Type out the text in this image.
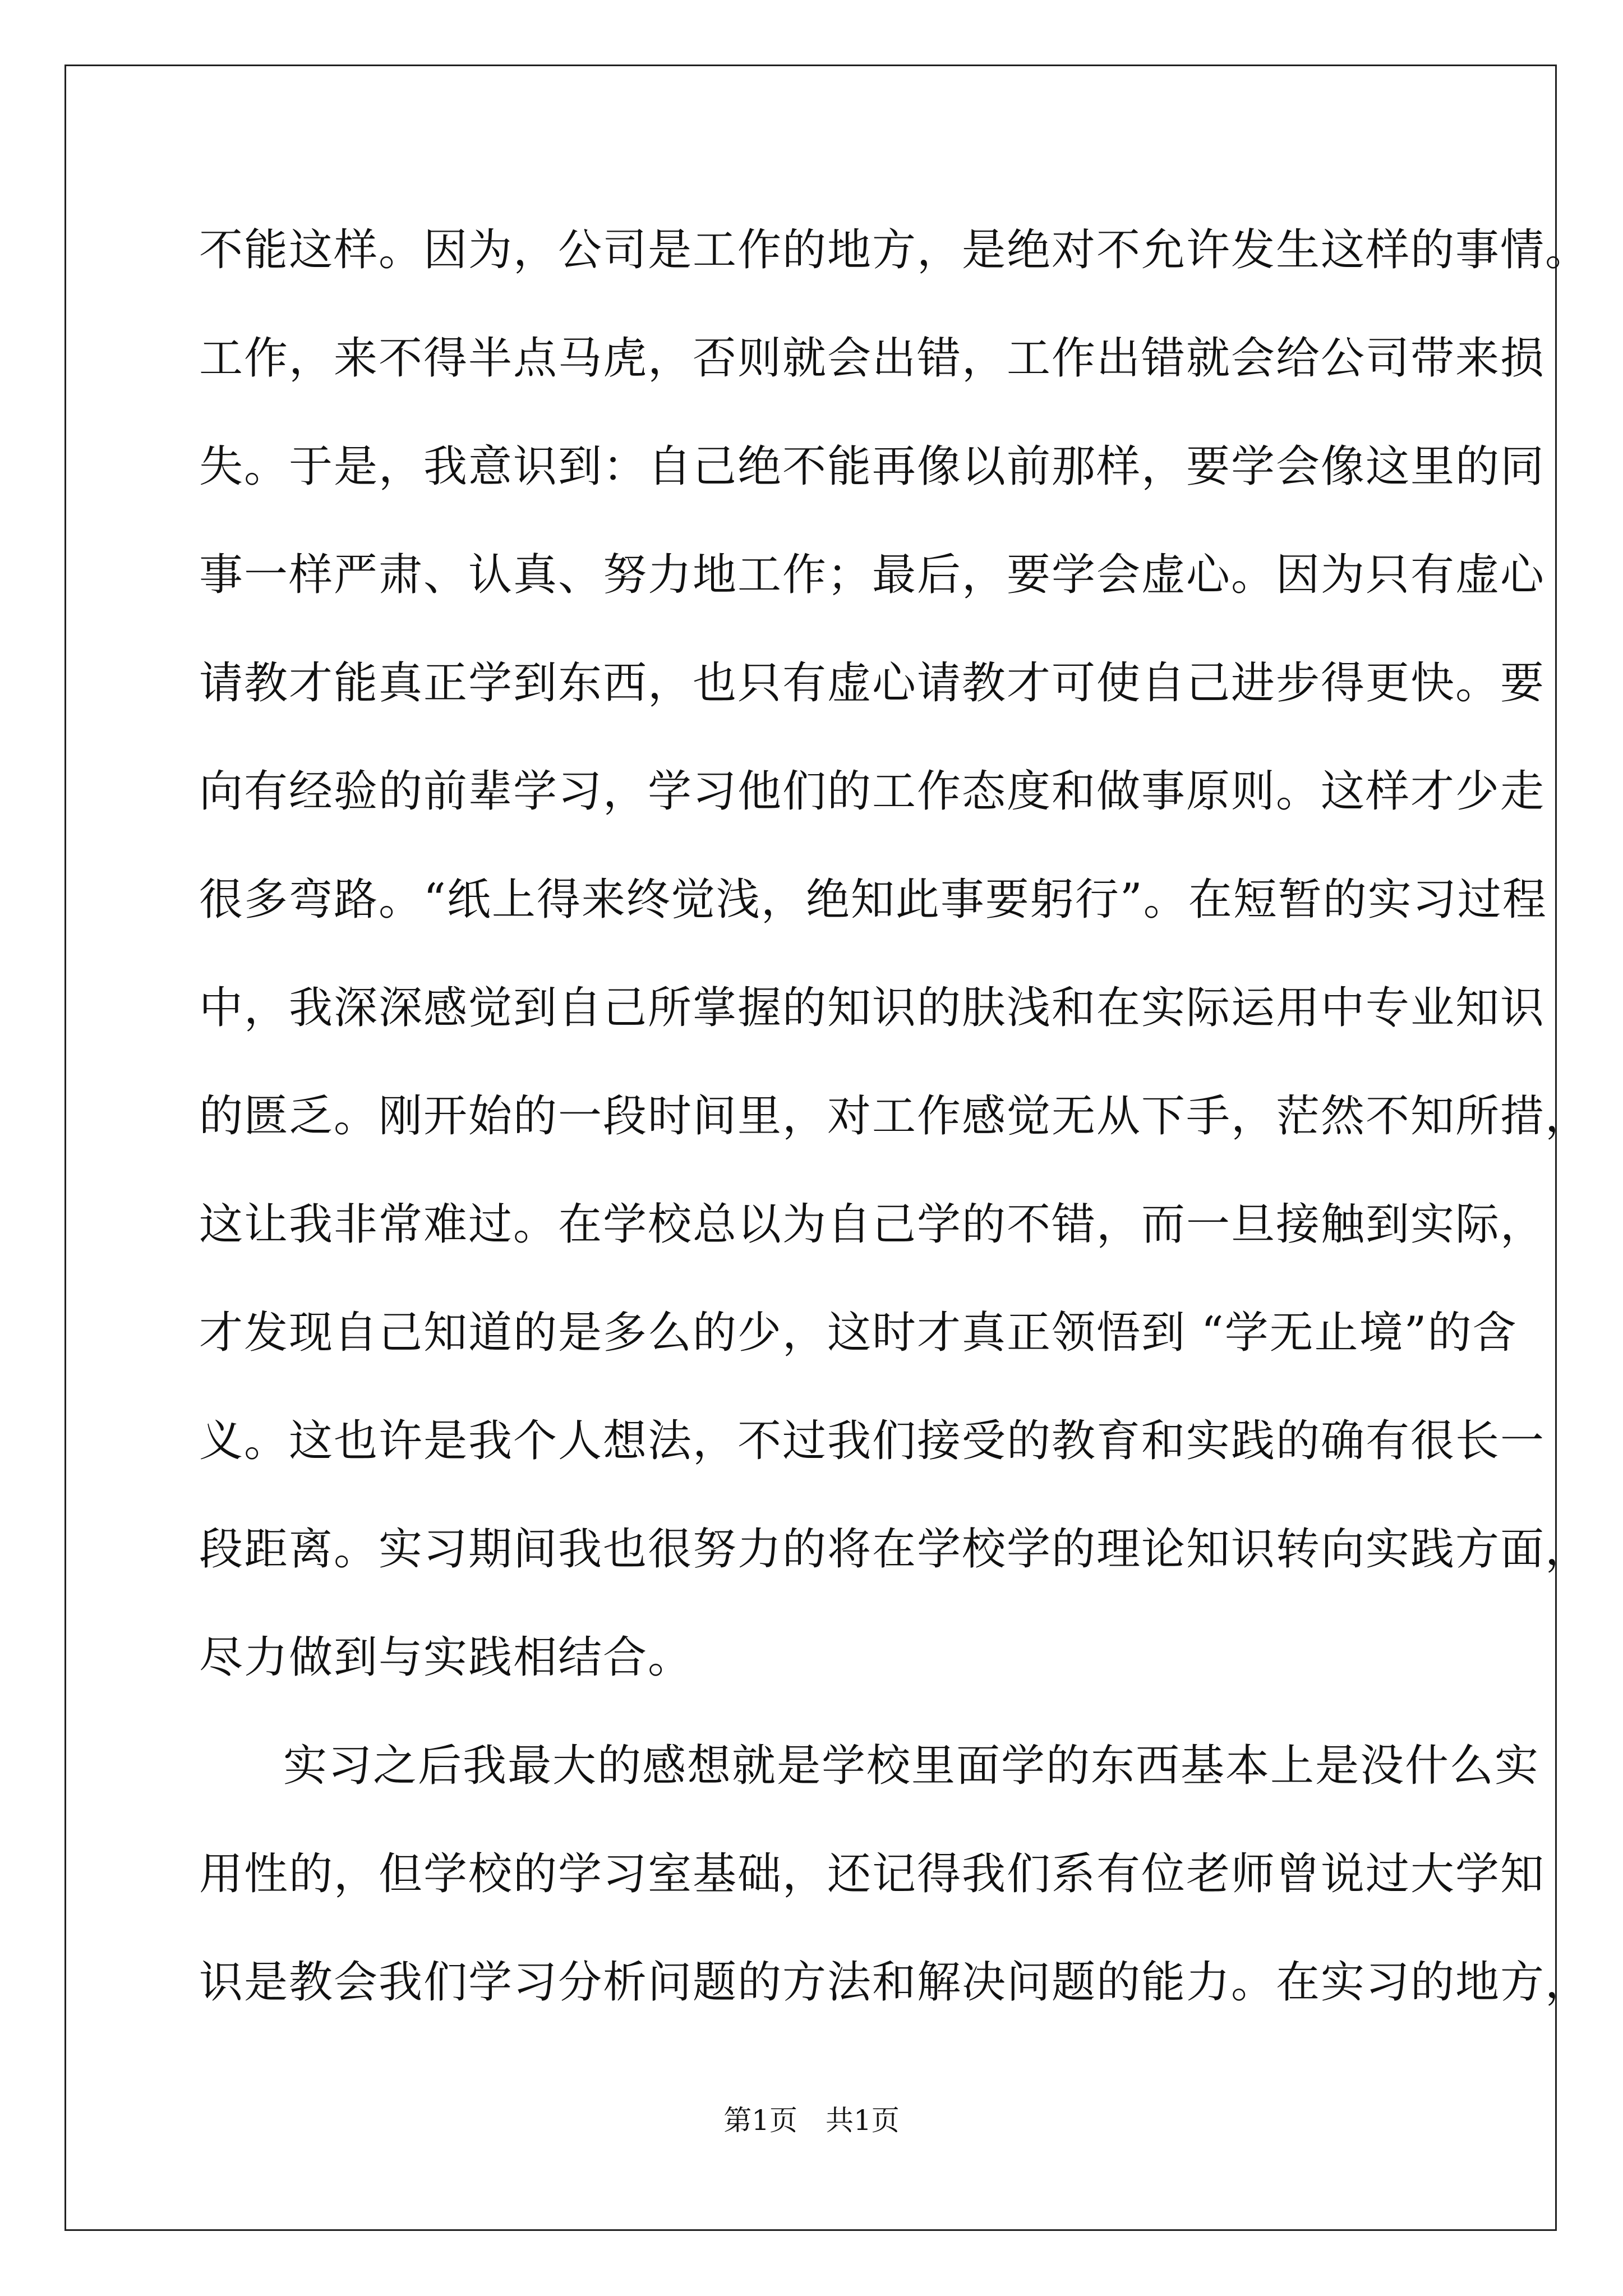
不能这样。因为，公司是工作的地方，是绝对不允许发生这样的事情。
工作，来不得半点马虎，否则就会出错，工作出错就会给公司带来损
失。于是，我意识到：自己绝不能再像以前那样，要学会像这里的同
事一样严肃、认真、努力地工作；最后，要学会虚心。因为只有虚心
请教才能真正学到东西，也只有虚心请教才可使自己进步得更快。要
向有经验的前辈学习，学习他们的工作态度和做事原则。这样才少走
很多弯路。“纸上得来终觉浅，绝知此事要躬行”。在短暂的实习过程
中，我深深感觉到自己所掌握的知识的肤浅和在实际运用中专业知识
的匮乏。刚开始的一段时间里，对工作感觉无从下手，茫然不知所措，
这让我非常难过。在学校总以为自己学的不错，而一旦接触到实际，
才发现自己知道的是多么的少，这时才真正领悟到 “学无止境”的含
义。这也许是我个人想法，不过我们接受的教育和实践的确有很长一
段距离。实习期间我也很努力的将在学校学的理论知识转向实践方面，
尽力做到与实践相结合。
实习之后我最大的感想就是学校里面学的东西基本上是没什么实
用性的，但学校的学习室基础，还记得我们系有位老师曾说过大学知
识是教会我们学习分析问题的方法和解决问题的能力。在实习的地方，
第1页 共1页
